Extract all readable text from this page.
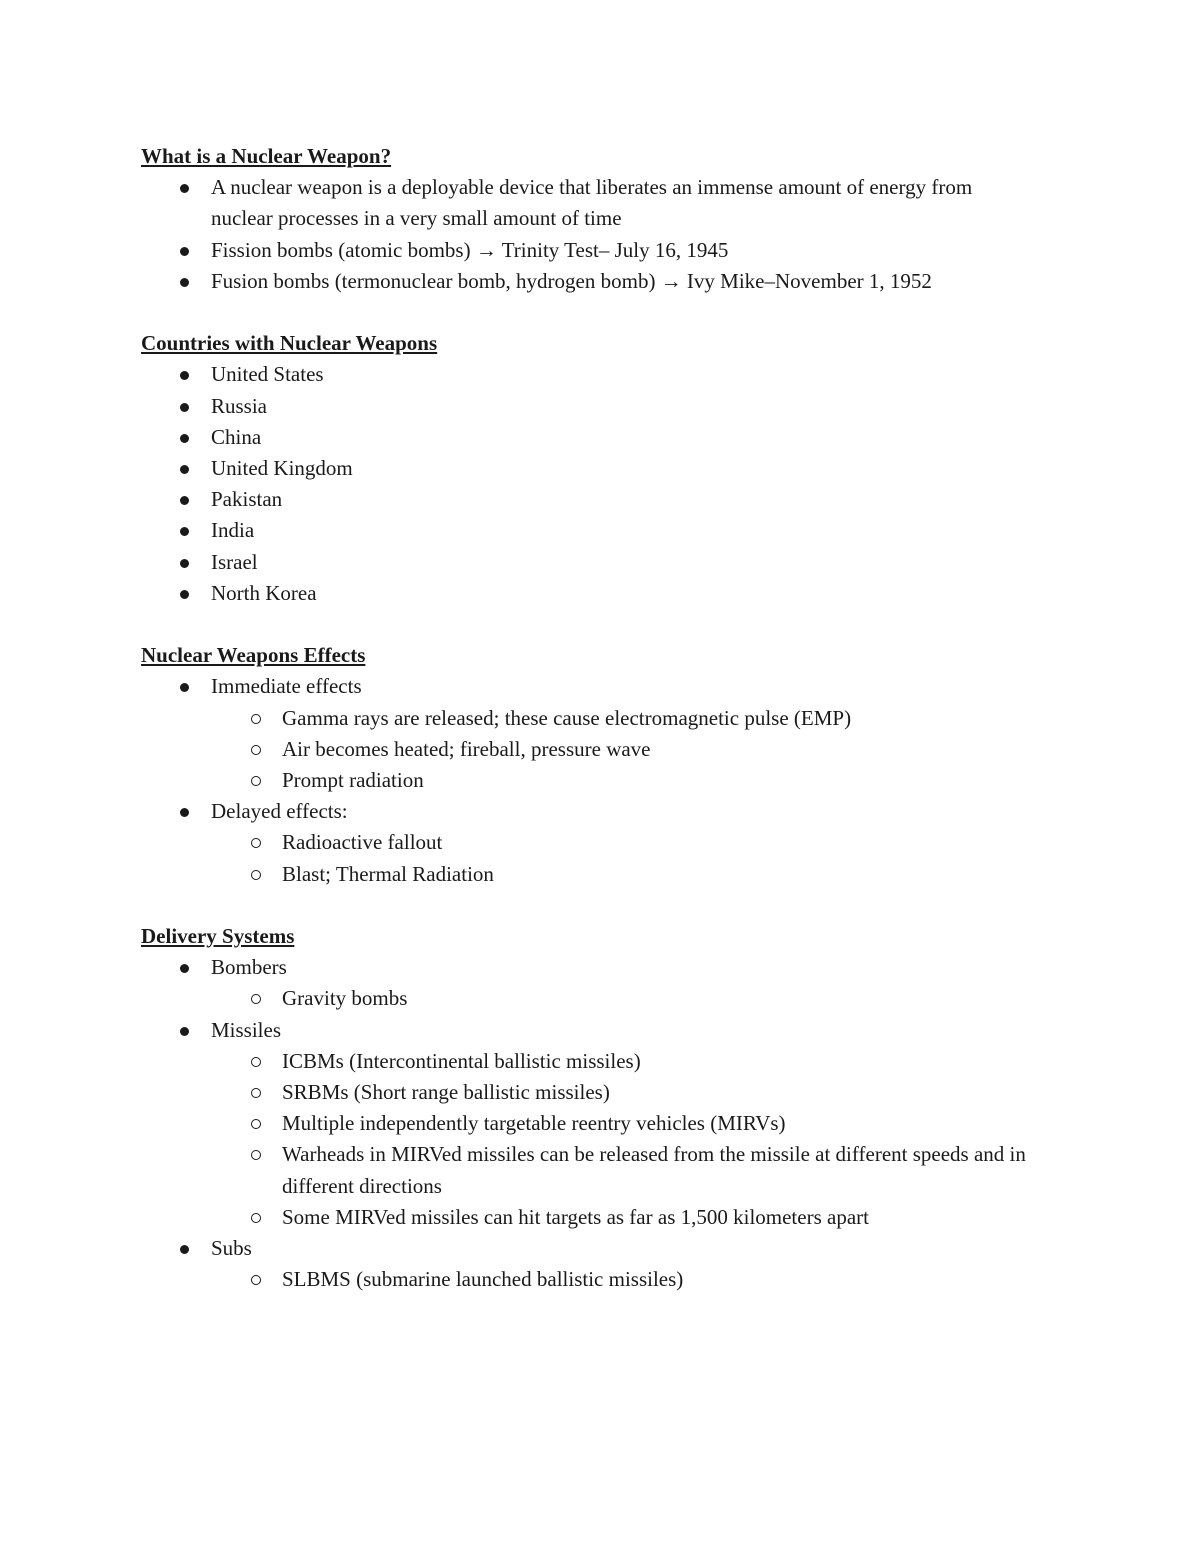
What is a Nuclear Weapon?

A nuclear weapon is a deployable device that liberates an immense amount of energy from nuclear processes in a very small amount of time
Fission bombs (atomic bombs) → Trinity Test– July 16, 1945
Fusion bombs (termonuclear bomb, hydrogen bomb) → Ivy Mike–November 1, 1952

Countries with Nuclear Weapons

United States
Russia
China
United Kingdom
Pakistan
India
Israel
North Korea

Nuclear Weapons Effects

Immediate effects
Gamma rays are released; these cause electromagnetic pulse (EMP)
Air becomes heated; fireball, pressure wave
Prompt radiation
Delayed effects:
Radioactive fallout
Blast; Thermal Radiation

Delivery Systems

Bombers
Gravity bombs
Missiles
ICBMs (Intercontinental ballistic missiles)
SRBMs (Short range ballistic missiles)
Multiple independently targetable reentry vehicles (MIRVs)
Warheads in MIRVed missiles can be released from the missile at different speeds and in different directions
Some MIRVed missiles can hit targets as far as 1,500 kilometers apart
Subs
SLBMS (submarine launched ballistic missiles)
